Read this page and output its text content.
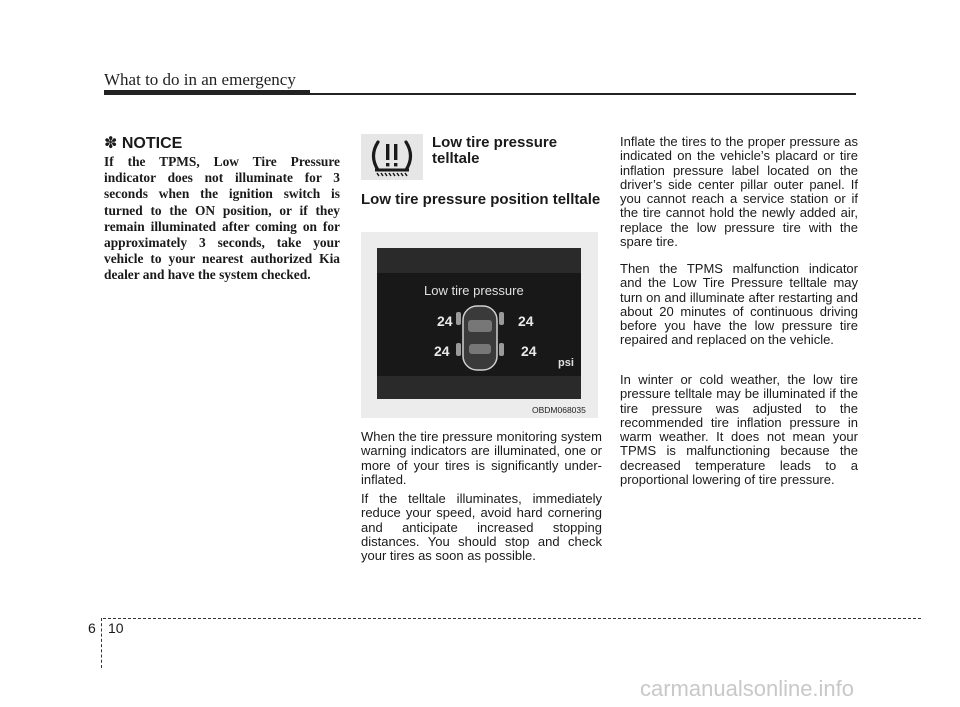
What to do in an emergency
✽ NOTICE
If the TPMS, Low Tire Pressure indicator does not illuminate for 3 seconds when the ignition switch is turned to the ON position, or if they remain illuminated after coming on for approximately 3 seconds, take your vehicle to your nearest authorized Kia dealer and have the system checked.
Low tire pressure telltale
Low tire pressure position telltale
Low tire pressure
24	24
24	24
psi
OBDM068035

When the tire pressure monitoring system warning indicators are illuminated, one or more of your tires is significantly under-inflated.

If the telltale illuminates, immediately reduce your speed, avoid hard cornering and anticipate increased stopping distances. You should stop and check your tires as soon as possible.

Inflate the tires to the proper pressure as indicated on the vehicle’s placard or tire inflation pressure label located on the driver’s side center pillar outer panel. If you cannot reach a service station or if the tire cannot hold the newly added air, replace the low pressure tire with the spare tire.

Then the TPMS malfunction indicator and the Low Tire Pressure telltale may turn on and illuminate after restarting and about 20 minutes of continuous driving before you have the low pressure tire repaired and replaced on the vehicle.

In winter or cold weather, the low tire pressure telltale may be illuminated if the tire pressure was adjusted to the recommended tire inflation pressure in warm weather. It does not mean your TPMS is malfunctioning because the decreased temperature leads to a proportional lowering of tire pressure.

6 10
carmanualsonline.info
